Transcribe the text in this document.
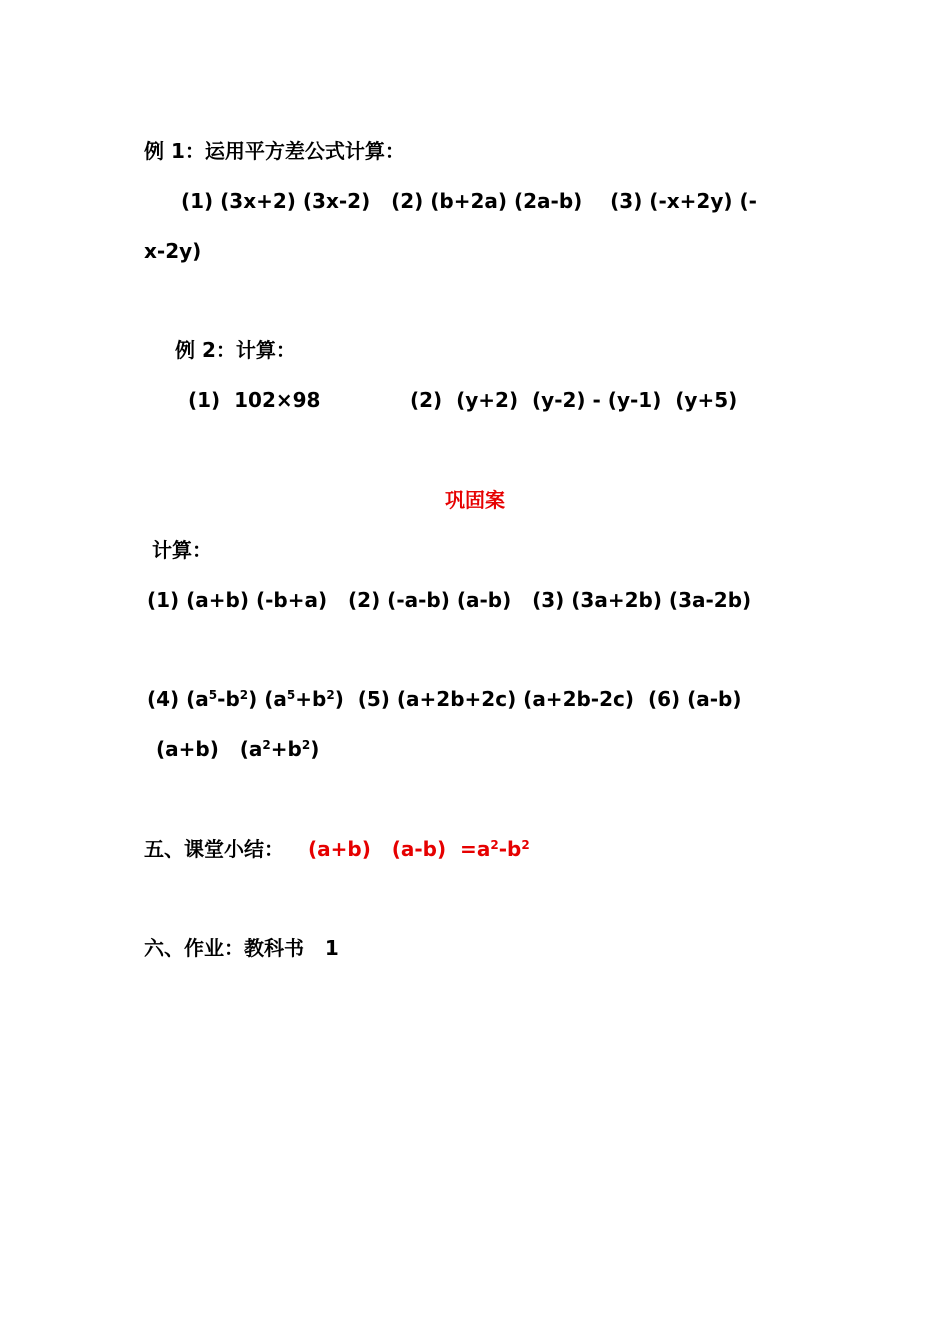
例 1：运用平方差公式计算：
(1) (3x+2) (3x-2)   (2) (b+2a) (2a-b)    (3) (-x+2y) (-
x-2y)
例 2：计算：
(1)  102×98	(2)  (y+2)  (y-2) - (y-1)  (y+5)
巩固案
计算：
(1) (a+b) (-b+a)   (2) (-a-b) (a-b)   (3) (3a+2b) (3a-2b)
(4) $(a^5-b^2)$ $(a^5+b^2)$  (5) (a+2b+2c) (a+2b-2c)  (6) (a-b)
(a+b)   $(a^2+b^2)$
五、课堂小结： (a+b)   $(a-b) =a^2-b^2$
六、作业：教科书   1
